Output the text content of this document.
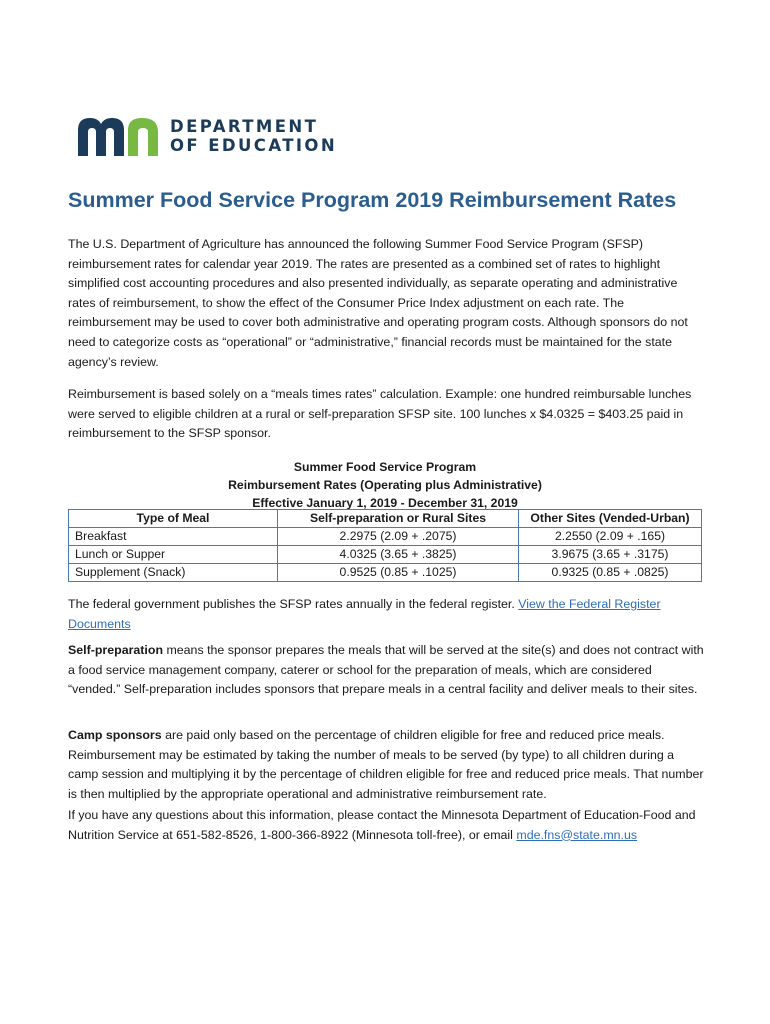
DEPARTMENT
OF EDUCATION
Summer Food Service Program 2019 Reimbursement Rates
The U.S. Department of Agriculture has announced the following Summer Food Service Program (SFSP) reimbursement rates for calendar year 2019. The rates are presented as a combined set of rates to highlight simplified cost accounting procedures and also presented individually, as separate operating and administrative rates of reimbursement, to show the effect of the Consumer Price Index adjustment on each rate. The reimbursement may be used to cover both administrative and operating program costs. Although sponsors do not need to categorize costs as “operational” or “administrative,” financial records must be maintained for the state agency’s review.
Reimbursement is based solely on a “meals times rates” calculation. Example: one hundred reimbursable lunches were served to eligible children at a rural or self-preparation SFSP site. 100 lunches x $4.0325 = $403.25 paid in reimbursement to the SFSP sponsor.
Summer Food Service Program
Reimbursement Rates (Operating plus Administrative)
Effective January 1, 2019 - December 31, 2019
Type of Meal	Self-preparation or Rural Sites	Other Sites (Vended-Urban)
Breakfast	2.2975 (2.09 + .2075)	2.2550 (2.09 + .165)
Lunch or Supper	4.0325 (3.65 + .3825)	3.9675 (3.65 + .3175)
Supplement (Snack)	0.9525 (0.85 + .1025)	0.9325 (0.85 + .0825)
The federal government publishes the SFSP rates annually in the federal register. View the Federal Register Documents
Self-preparation means the sponsor prepares the meals that will be served at the site(s) and does not contract with a food service management company, caterer or school for the preparation of meals, which are considered “vended.” Self-preparation includes sponsors that prepare meals in a central facility and deliver meals to their sites.
Camp sponsors are paid only based on the percentage of children eligible for free and reduced price meals. Reimbursement may be estimated by taking the number of meals to be served (by type) to all children during a camp session and multiplying it by the percentage of children eligible for free and reduced price meals. That number is then multiplied by the appropriate operational and administrative reimbursement rate.
If you have any questions about this information, please contact the Minnesota Department of Education-Food and Nutrition Service at 651-582-8526, 1-800-366-8922 (Minnesota toll-free), or email mde.fns@state.mn.us
